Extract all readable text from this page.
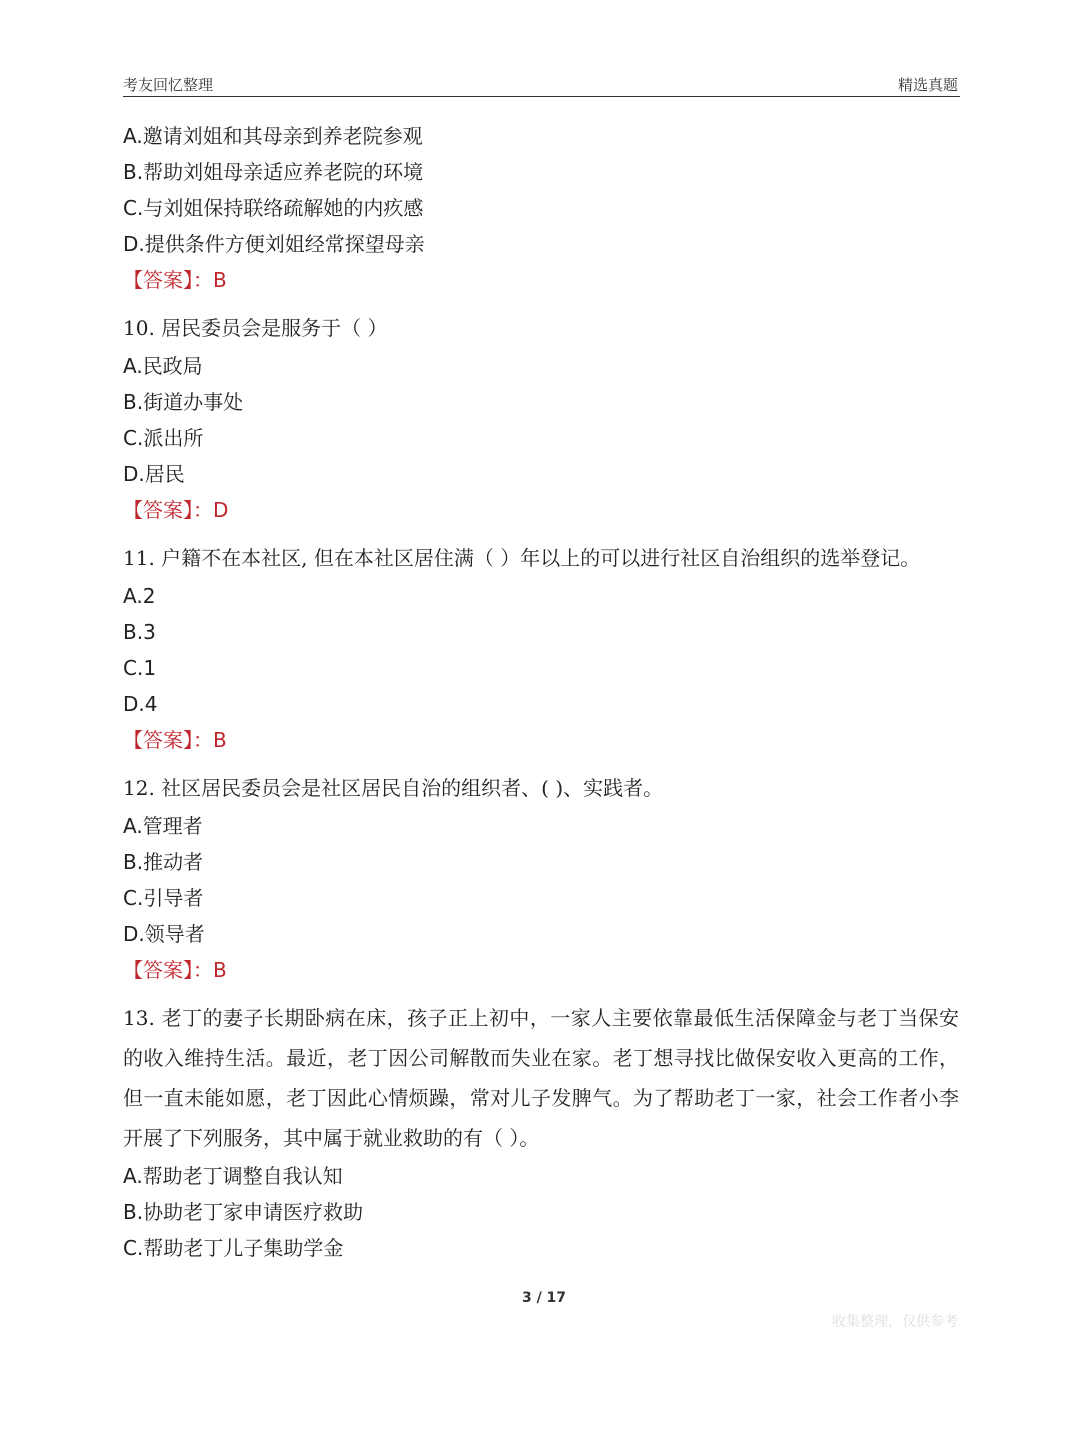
考友回忆整理	精选真题
A.邀请刘姐和其母亲到养老院参观
B.帮助刘姐母亲适应养老院的环境
C.与刘姐保持联络疏解她的内疚感
D.提供条件方便刘姐经常探望母亲
【答案】：B
10. 居民委员会是服务于（ ）
A.民政局
B.街道办事处
C.派出所
D.居民
【答案】：D
11. 户籍不在本社区, 但在本社区居住满（ ）年以上的可以进行社区自治组织的选举登记。
A.2
B.3
C.1
D.4
【答案】：B
12. 社区居民委员会是社区居民自治的组织者、( )、实践者。
A.管理者
B.推动者
C.引导者
D.领导者
【答案】：B
13. 老丁的妻子长期卧病在床，孩子正上初中，一家人主要依靠最低生活保障金与老丁当保安的收入维持生活。最近，老丁因公司解散而失业在家。老丁想寻找比做保安收入更高的工作，但一直未能如愿，老丁因此心情烦躁，常对儿子发脾气。为了帮助老丁一家，社会工作者小李开展了下列服务，其中属于就业救助的有（ ）。
A.帮助老丁调整自我认知
B.协助老丁家申请医疗救助
C.帮助老丁儿子集助学金
3 / 17
收集整理，仅供参考
